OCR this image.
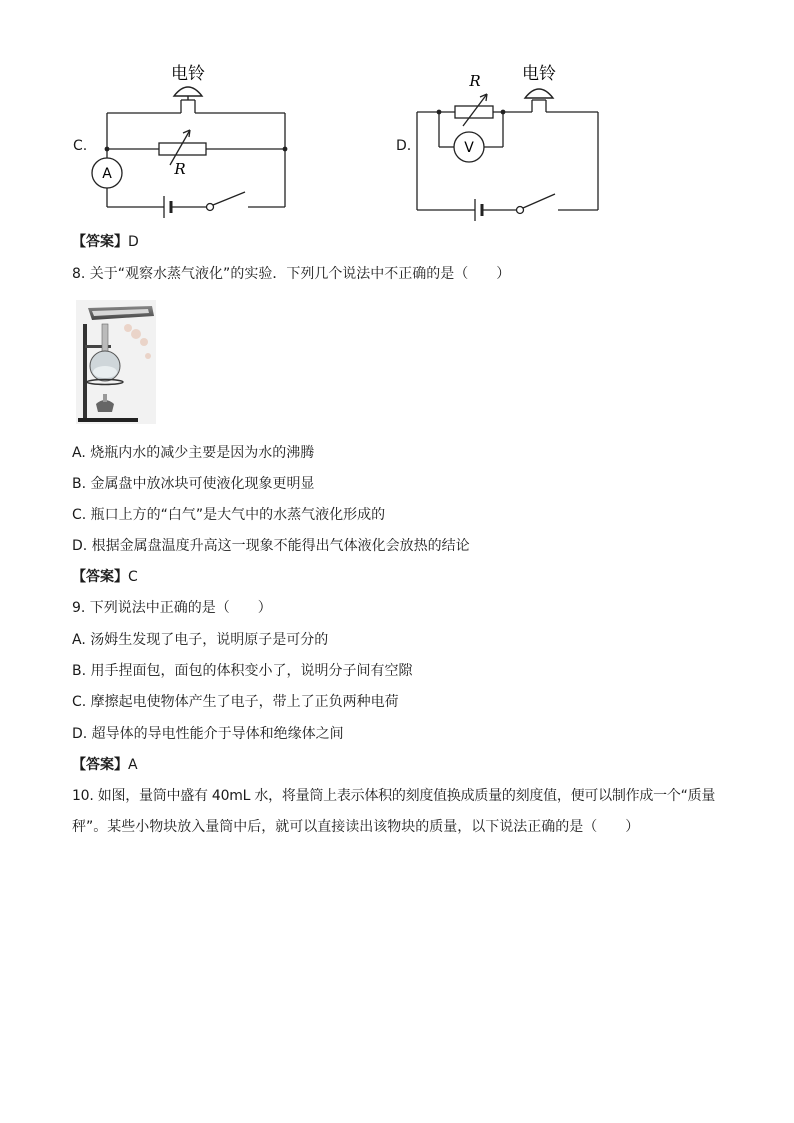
C.
电铃
R
A
D.
电铃
R
V
【答案】D
8. 关于“观察水蒸气液化”的实验．下列几个说法中不正确的是（　　）
A. 烧瓶内水的减少主要是因为水的沸腾
B. 金属盘中放冰块可使液化现象更明显
C. 瓶口上方的“白气”是大气中的水蒸气液化形成的
D. 根据金属盘温度升高这一现象不能得出气体液化会放热的结论
【答案】C
9. 下列说法中正确的是（　　）
A. 汤姆生发现了电子，说明原子是可分的
B. 用手捏面包，面包的体积变小了，说明分子间有空隙
C. 摩擦起电使物体产生了电子，带上了正负两种电荷
D. 超导体的导电性能介于导体和绝缘体之间
【答案】A
10. 如图，量筒中盛有 40mL 水，将量筒上表示体积的刻度值换成质量的刻度值，便可以制作成一个“质量
秤”。某些小物块放入量筒中后，就可以直接读出该物块的质量，以下说法正确的是（　　）
